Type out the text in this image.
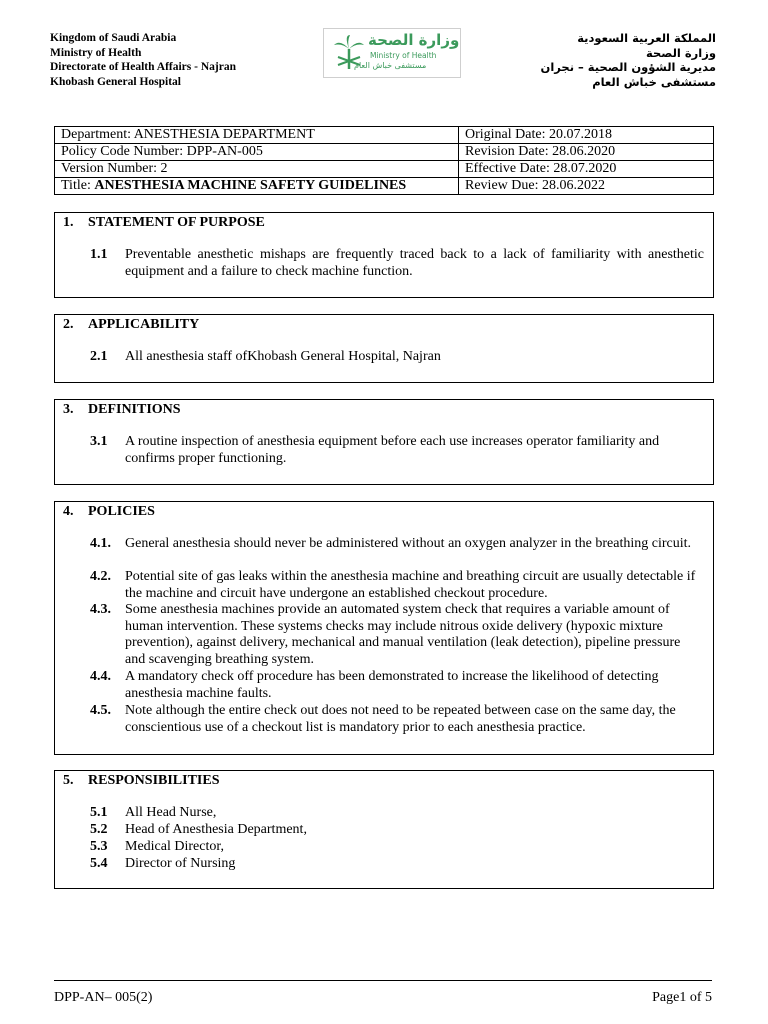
Kingdom of Saudi Arabia
Ministry of Health
Directorate of Health Affairs - Najran
Khobash General Hospital
وزارة الصحة
Ministry of Health
مستشفى خباش العام
المملكة العربية السعودية
وزارة الصحة
مديرية الشؤون الصحية – نجران
مستشفى خباش العام
Department: ANESTHESIA DEPARTMENT	Original Date: 20.07.2018
Policy Code Number: DPP-AN-005	Revision Date: 28.06.2020
Version Number: 2	Effective Date: 28.07.2020
Title: ANESTHESIA MACHINE SAFETY GUIDELINES	Review Due: 28.06.2022
1. STATEMENT OF PURPOSE
1.1	Preventable anesthetic mishaps are frequently traced back to a lack of familiarity with anesthetic equipment and a failure to check machine function.
2. APPLICABILITY
2.1	All anesthesia staff ofKhobash General Hospital, Najran
3. DEFINITIONS
3.1	A routine inspection of anesthesia equipment before each use increases operator familiarity and confirms proper functioning.
4. POLICIES
4.1.	General anesthesia should never be administered without an oxygen analyzer in the breathing circuit.
4.2.	Potential site of gas leaks within the anesthesia machine and breathing circuit are usually detectable if the machine and circuit have undergone an established checkout procedure.
4.3.	Some anesthesia machines provide an automated system check that requires a variable amount of human intervention. These systems checks may include nitrous oxide delivery (hypoxic mixture prevention), against delivery, mechanical and manual ventilation (leak detection), pipeline pressure and scavenging breathing system.
4.4.	A mandatory check off procedure has been demonstrated to increase the likelihood of detecting anesthesia machine faults.
4.5.	Note although the entire check out does not need to be repeated between case on the same day, the conscientious use of a checkout list is mandatory prior to each anesthesia practice.
5. RESPONSIBILITIES
5.1	All Head Nurse,
5.2	Head of Anesthesia Department,
5.3	Medical Director,
5.4	Director of Nursing
DPP-AN– 005(2)	Page1 of 5
